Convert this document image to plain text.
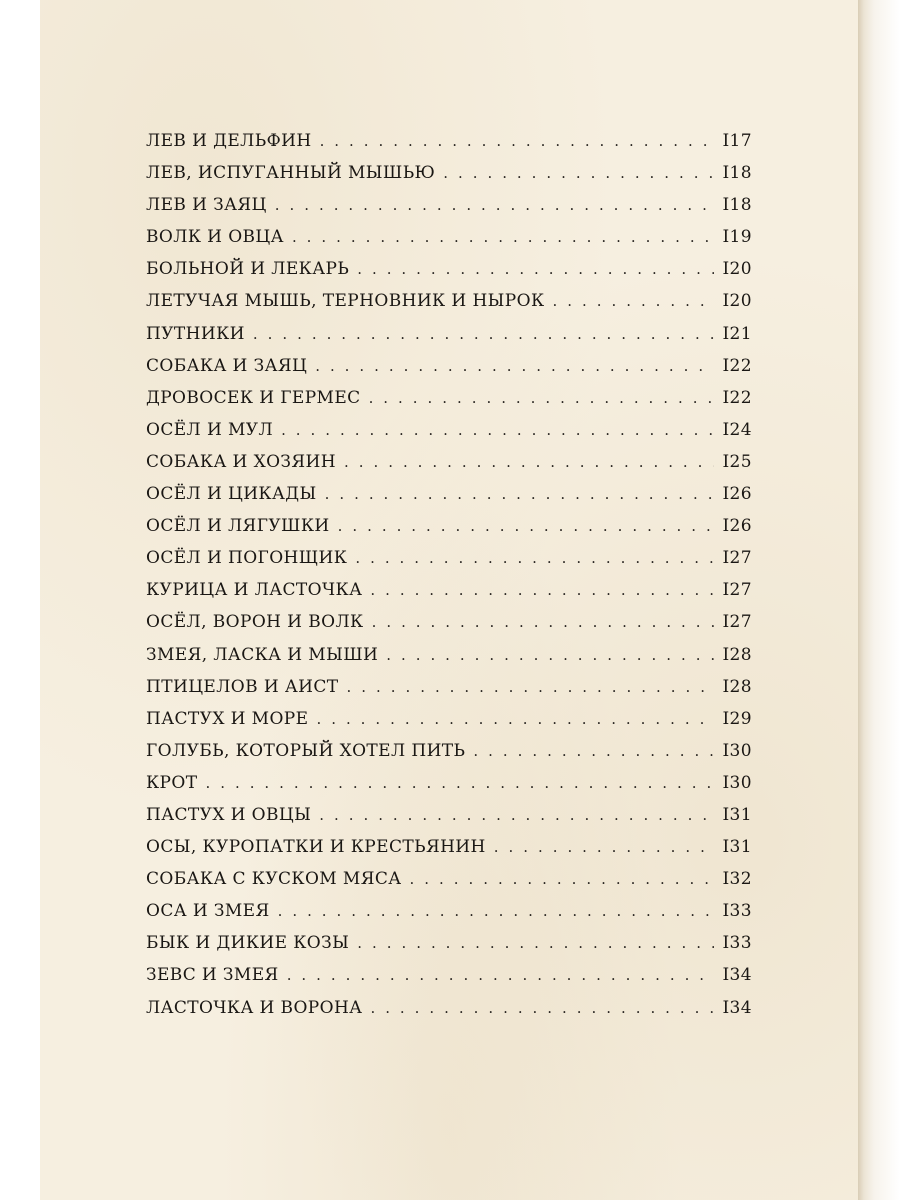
ЛЕВ И ДЕЛЬФИН . . .	I17
ЛЕВ, ИСПУГАННЫЙ МЫШЬЮ . . .	I18
ЛЕВ И ЗАЯЦ . . .	I18
ВОЛК И ОВЦА . . .	I19
БОЛЬНОЙ И ЛЕКАРЬ . . .	I20
ЛЕТУЧАЯ МЫШЬ, ТЕРНОВНИК И НЫРОК . . .	I20
ПУТНИКИ . . .	I21
СОБАКА И ЗАЯЦ . . .	I22
ДРОВОСЕК И ГЕРМЕС . . .	I22
ОСЁЛ И МУЛ . . .	I24
СОБАКА И ХОЗЯИН . . .	I25
ОСЁЛ И ЦИКАДЫ . . .	I26
ОСЁЛ И ЛЯГУШКИ . . .	I26
ОСЁЛ И ПОГОНЩИК . . .	I27
КУРИЦА И ЛАСТОЧКА . . .	I27
ОСЁЛ, ВОРОН И ВОЛК . . .	I27
ЗМЕЯ, ЛАСКА И МЫШИ . . .	I28
ПТИЦЕЛОВ И АИСТ . . .	I28
ПАСТУХ И МОРЕ . . .	I29
ГОЛУБЬ, КОТОРЫЙ ХОТЕЛ ПИТЬ . . .	I30
КРОТ . . .	I30
ПАСТУХ И ОВЦЫ . . .	I31
ОСЫ, КУРОПАТКИ И КРЕСТЬЯНИН . . .	I31
СОБАКА С КУСКОМ МЯСА . . .	I32
ОСА И ЗМЕЯ . . .	I33
БЫК И ДИКИЕ КОЗЫ . . .	I33
ЗЕВС И ЗМЕЯ . . .	I34
ЛАСТОЧКА И ВОРОНА . . .	I34
